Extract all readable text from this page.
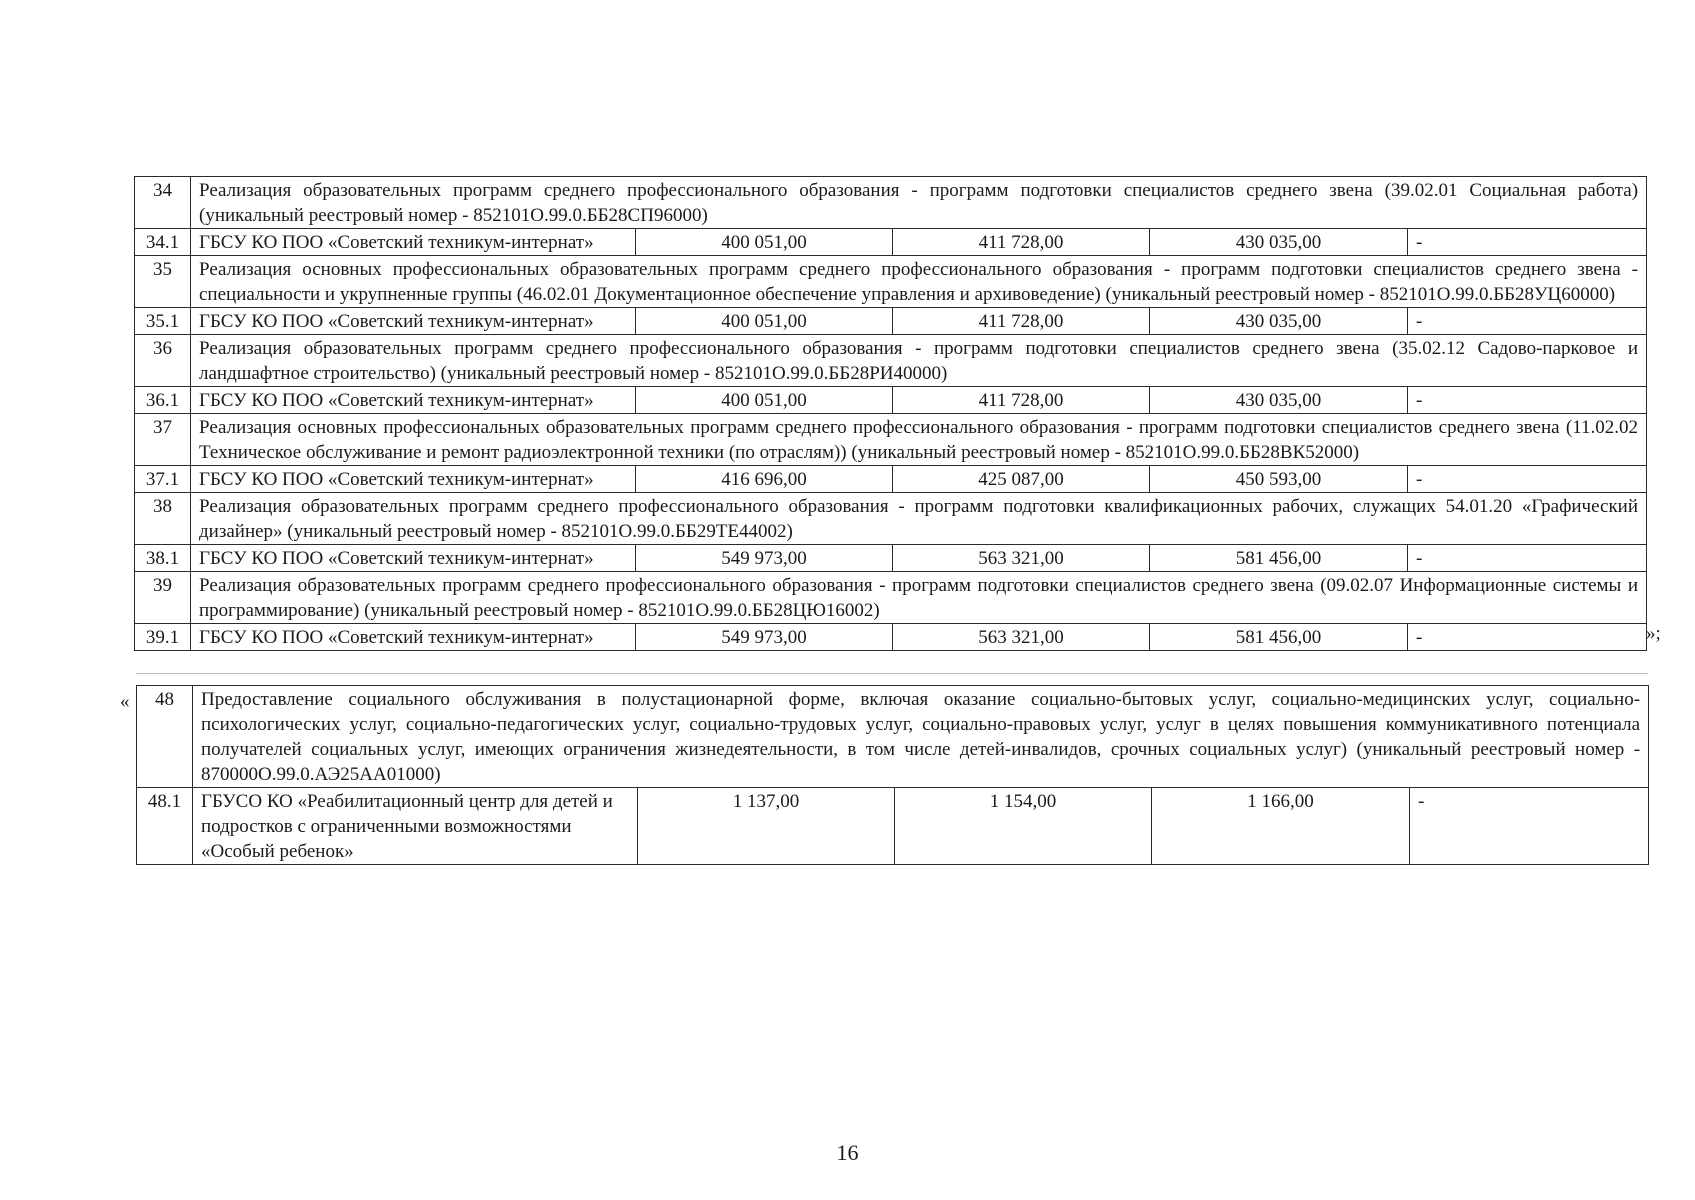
34	Реализация образовательных программ среднего профессионального образования - программ подготовки специалистов среднего звена (39.02.01 Социальная работа) (уникальный реестровый номер - 852101О.99.0.ББ28СП96000)				
34.1	ГБСУ КО ПОО «Советский техникум-интернат»	400 051,00	411 728,00	430 035,00	-
35	Реализация основных профессиональных образовательных программ среднего профессионального образования - программ подготовки специалистов среднего звена - специальности и укрупненные группы (46.02.01 Документационное обеспечение управления и архивоведение) (уникальный реестровый номер - 852101О.99.0.ББ28УЦ60000)				
35.1	ГБСУ КО ПОО «Советский техникум-интернат»	400 051,00	411 728,00	430 035,00	-
36	Реализация образовательных программ среднего профессионального образования - программ подготовки специалистов среднего звена (35.02.12 Садово-парковое и ландшафтное строительство) (уникальный реестровый номер - 852101О.99.0.ББ28РИ40000)				
36.1	ГБСУ КО ПОО «Советский техникум-интернат»	400 051,00	411 728,00	430 035,00	-
37	Реализация основных профессиональных образовательных программ среднего профессионального образования - программ подготовки специалистов среднего звена (11.02.02 Техническое обслуживание и ремонт радиоэлектронной техники (по отраслям)) (уникальный реестровый номер - 852101О.99.0.ББ28ВК52000)				
37.1	ГБСУ КО ПОО «Советский техникум-интернат»	416 696,00	425 087,00	450 593,00	-
38	Реализация образовательных программ среднего профессионального образования - программ подготовки квалификационных рабочих, служащих 54.01.20 «Графический дизайнер» (уникальный реестровый номер - 852101О.99.0.ББ29ТЕ44002)				
38.1	ГБСУ КО ПОО «Советский техникум-интернат»	549 973,00	563 321,00	581 456,00	-
39	Реализация образовательных программ среднего профессионального образования - программ подготовки специалистов среднего звена (09.02.07 Информационные системы и программирование) (уникальный реестровый номер - 852101О.99.0.ББ28ЦЮ16002)				
39.1	ГБСУ КО ПОО «Советский техникум-интернат»	549 973,00	563 321,00	581 456,00	-	»;
« 48	Предоставление социального обслуживания в полустационарной форме, включая оказание социально-бытовых услуг, социально-медицинских услуг, социально-психологических услуг, социально-педагогических услуг, социально-трудовых услуг, социально-правовых услуг, услуг в целях повышения коммуникативного потенциала получателей социальных услуг, имеющих ограничения жизнедеятельности, в том числе детей-инвалидов, срочных социальных услуг) (уникальный реестровый номер - 870000О.99.0.АЭ25АА01000)				
48.1	ГБУСО КО «Реабилитационный центр для детей и подростков с ограниченными возможностями «Особый ребенок»	1 137,00	1 154,00	1 166,00	-
16
